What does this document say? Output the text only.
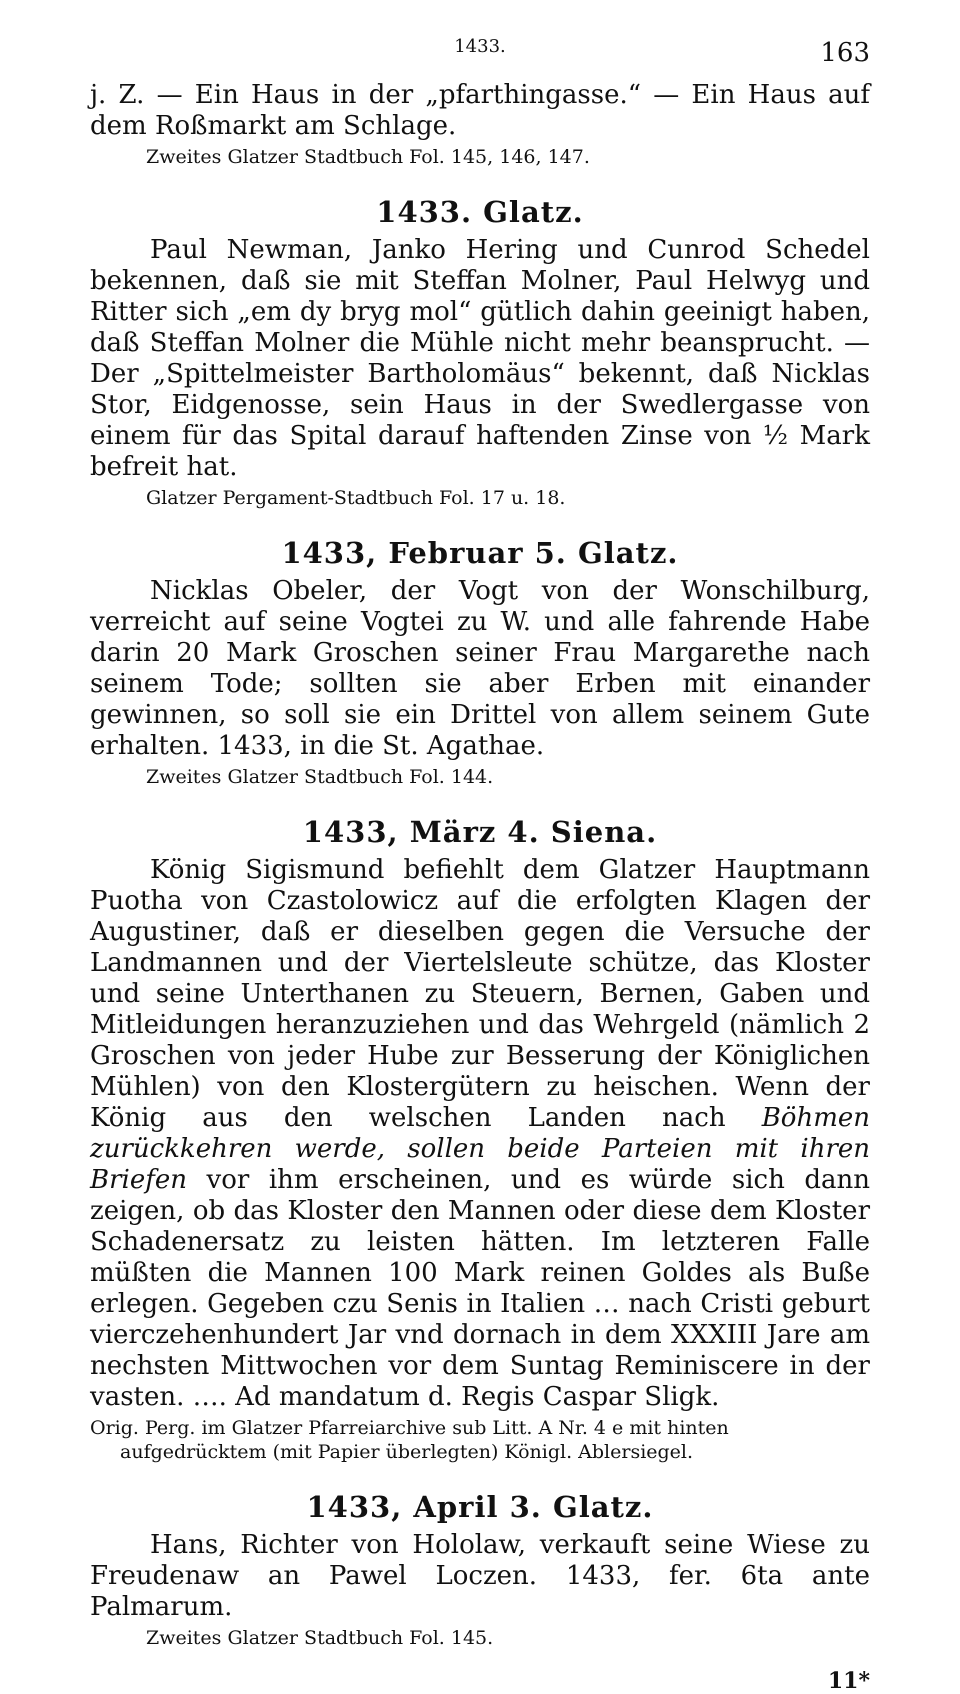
1433.	163

j. Z. — Ein Haus in der „pfarthingasse.“ — Ein Haus auf dem Roßmarkt am Schlage.

Zweites Glatzer Stadtbuch Fol. 145, 146, 147.

1433. Glatz.

Paul Newman, Janko Hering und Cunrod Schedel bekennen, daß sie mit Steffan Molner, Paul Helwyg und Ritter sich „em dy bryg mol“ gütlich dahin geeinigt haben, daß Steffan Molner die Mühle nicht mehr beansprucht. — Der „Spittelmeister Bartholomäus“ bekennt, daß Nicklas Stor, Eidgenosse, sein Haus in der Swedlergasse von einem für das Spital darauf haftenden Zinse von ½ Mark befreit hat.

Glatzer Pergament-Stadtbuch Fol. 17 u. 18.

1433, Februar 5. Glatz.

Nicklas Obeler, der Vogt von der Wonschilburg, verreicht auf seine Vogtei zu W. und alle fahrende Habe darin 20 Mark Groschen seiner Frau Margarethe nach seinem Tode; sollten sie aber Erben mit einander gewinnen, so soll sie ein Drittel von allem seinem Gute erhalten. 1433, in die St. Agathae.

Zweites Glatzer Stadtbuch Fol. 144.

1433, März 4. Siena.

König Sigismund befiehlt dem Glatzer Hauptmann Puotha von Czastolowicz auf die erfolgten Klagen der Augustiner, daß er dieselben gegen die Versuche der Landmannen und der Viertelsleute schütze, das Kloster und seine Unterthanen zu Steuern, Bernen, Gaben und Mitleidungen heranzuziehen und das Wehrgeld (nämlich 2 Groschen von jeder Hube zur Besserung der Königlichen Mühlen) von den Klostergütern zu heischen. Wenn der König aus den welschen Landen nach Böhmen zurückkehren werde, sollen beide Parteien mit ihren Briefen vor ihm erscheinen, und es würde sich dann zeigen, ob das Kloster den Mannen oder diese dem Kloster Schadenersatz zu leisten hätten. Im letzteren Falle müßten die Mannen 100 Mark reinen Goldes als Buße erlegen. Gegeben czu Senis in Italien … nach Cristi geburt vierczehenhundert Jar vnd dornach in dem XXXIII Jare am nechsten Mittwochen vor dem Suntag Reminiscere in der vasten. …. Ad mandatum d. Regis Caspar Sligk.

Orig. Perg. im Glatzer Pfarreiarchive sub Litt. A Nr. 4 e mit hinten aufgedrücktem (mit Papier überlegten) Königl. Ablersiegel.

1433, April 3. Glatz.

Hans, Richter von Hololaw, verkauft seine Wiese zu Freudenaw an Pawel Loczen. 1433, fer. 6ta ante Palmarum.

Zweites Glatzer Stadtbuch Fol. 145.

11*
